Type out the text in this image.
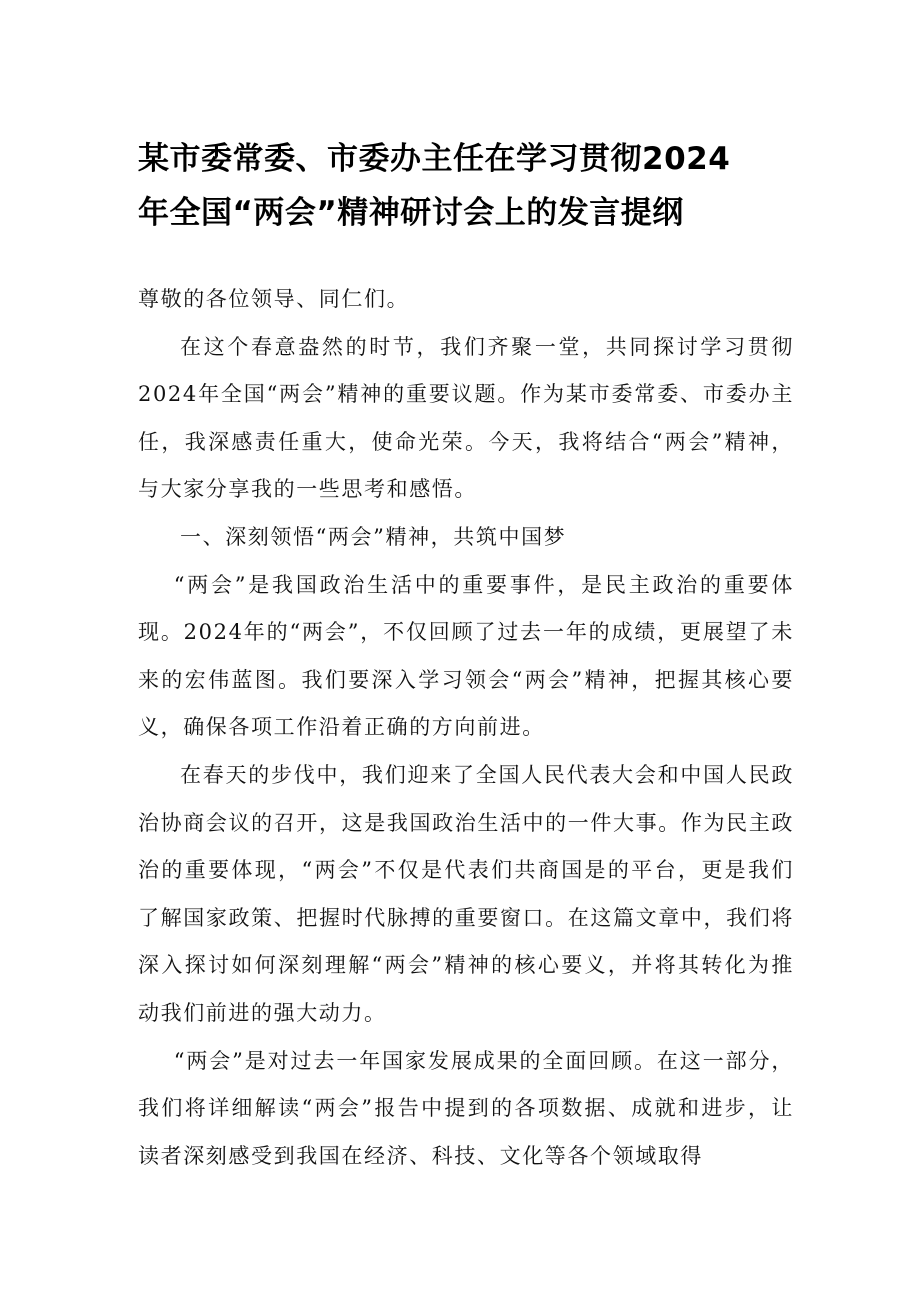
某市委常委、市委办主任在学习贯彻2024
年全国“两会”精神研讨会上的发言提纲

尊敬的各位领导、同仁们。

在这个春意盎然的时节，我们齐聚一堂，共同探讨学习贯彻2024年全国“两会”精神的重要议题。作为某市委常委、市委办主任，我深感责任重大，使命光荣。今天，我将结合“两会”精神，与大家分享我的一些思考和感悟。

一、深刻领悟“两会”精神，共筑中国梦

“两会”是我国政治生活中的重要事件，是民主政治的重要体现。2024年的“两会”，不仅回顾了过去一年的成绩，更展望了未来的宏伟蓝图。我们要深入学习领会“两会”精神，把握其核心要义，确保各项工作沿着正确的方向前进。

在春天的步伐中，我们迎来了全国人民代表大会和中国人民政治协商会议的召开，这是我国政治生活中的一件大事。作为民主政治的重要体现，“两会”不仅是代表们共商国是的平台，更是我们了解国家政策、把握时代脉搏的重要窗口。在这篇文章中，我们将深入探讨如何深刻理解“两会”精神的核心要义，并将其转化为推动我们前进的强大动力。

“两会”是对过去一年国家发展成果的全面回顾。在这一部分，我们将详细解读“两会”报告中提到的各项数据、成就和进步，让读者深刻感受到我国在经济、科技、文化等各个领域取得
